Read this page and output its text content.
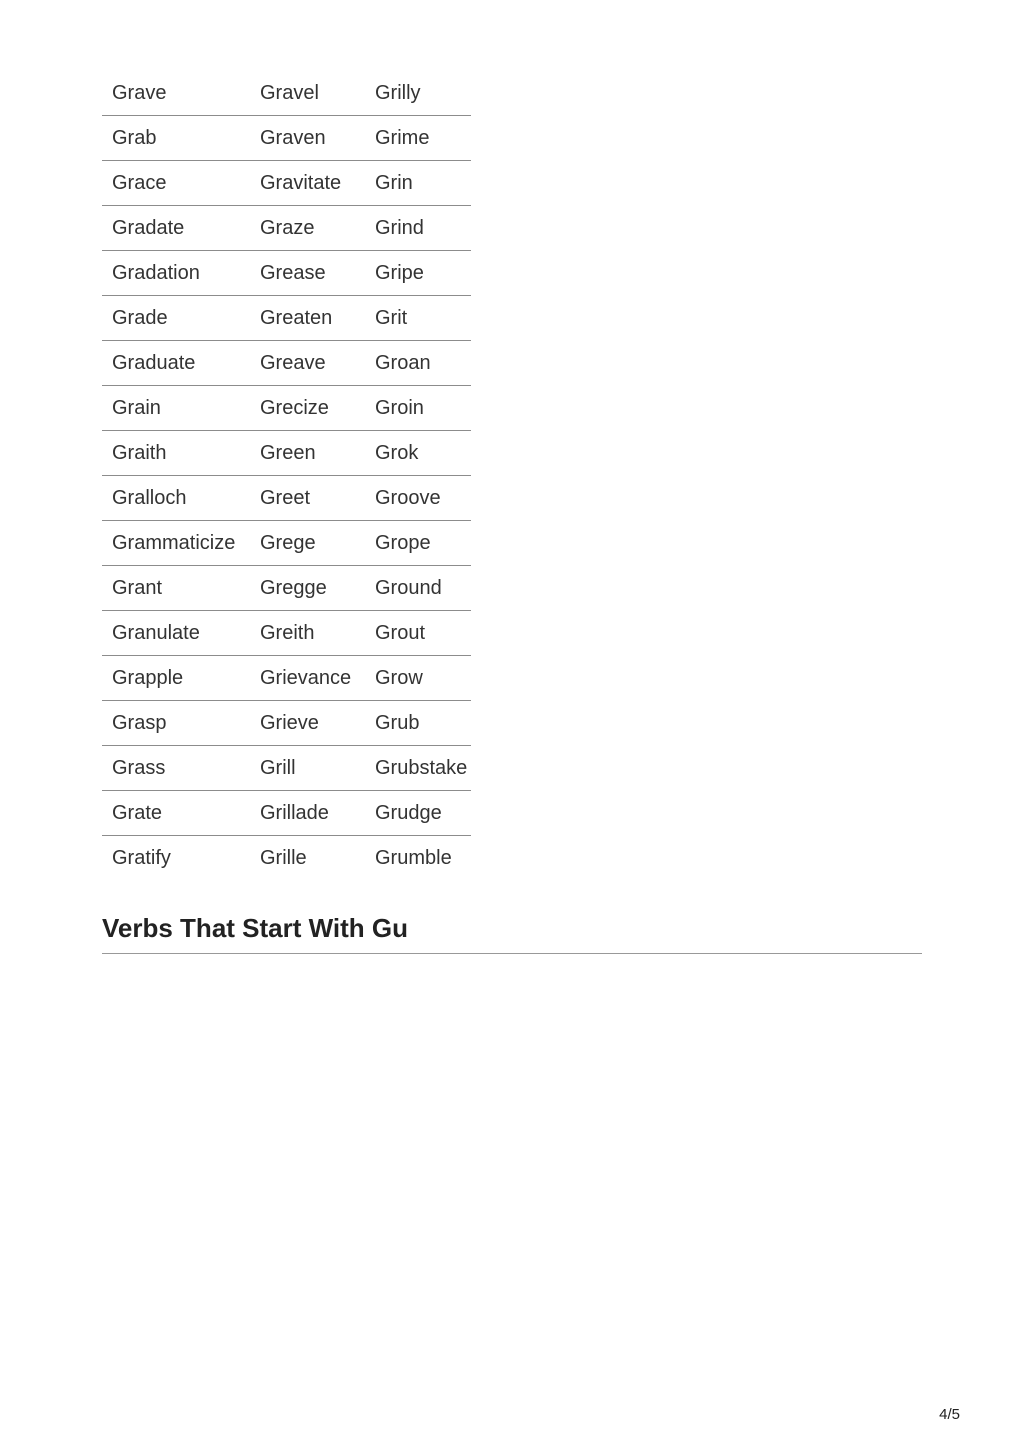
Grave	Gravel	Grilly
Grab	Graven	Grime
Grace	Gravitate	Grin
Gradate	Graze	Grind
Gradation	Grease	Gripe
Grade	Greaten	Grit
Graduate	Greave	Groan
Grain	Grecize	Groin
Graith	Green	Grok
Gralloch	Greet	Groove
Grammaticize	Grege	Grope
Grant	Gregge	Ground
Granulate	Greith	Grout
Grapple	Grievance	Grow
Grasp	Grieve	Grub
Grass	Grill	Grubstake
Grate	Grillade	Grudge
Gratify	Grille	Grumble
Verbs That Start With Gu
4/5
